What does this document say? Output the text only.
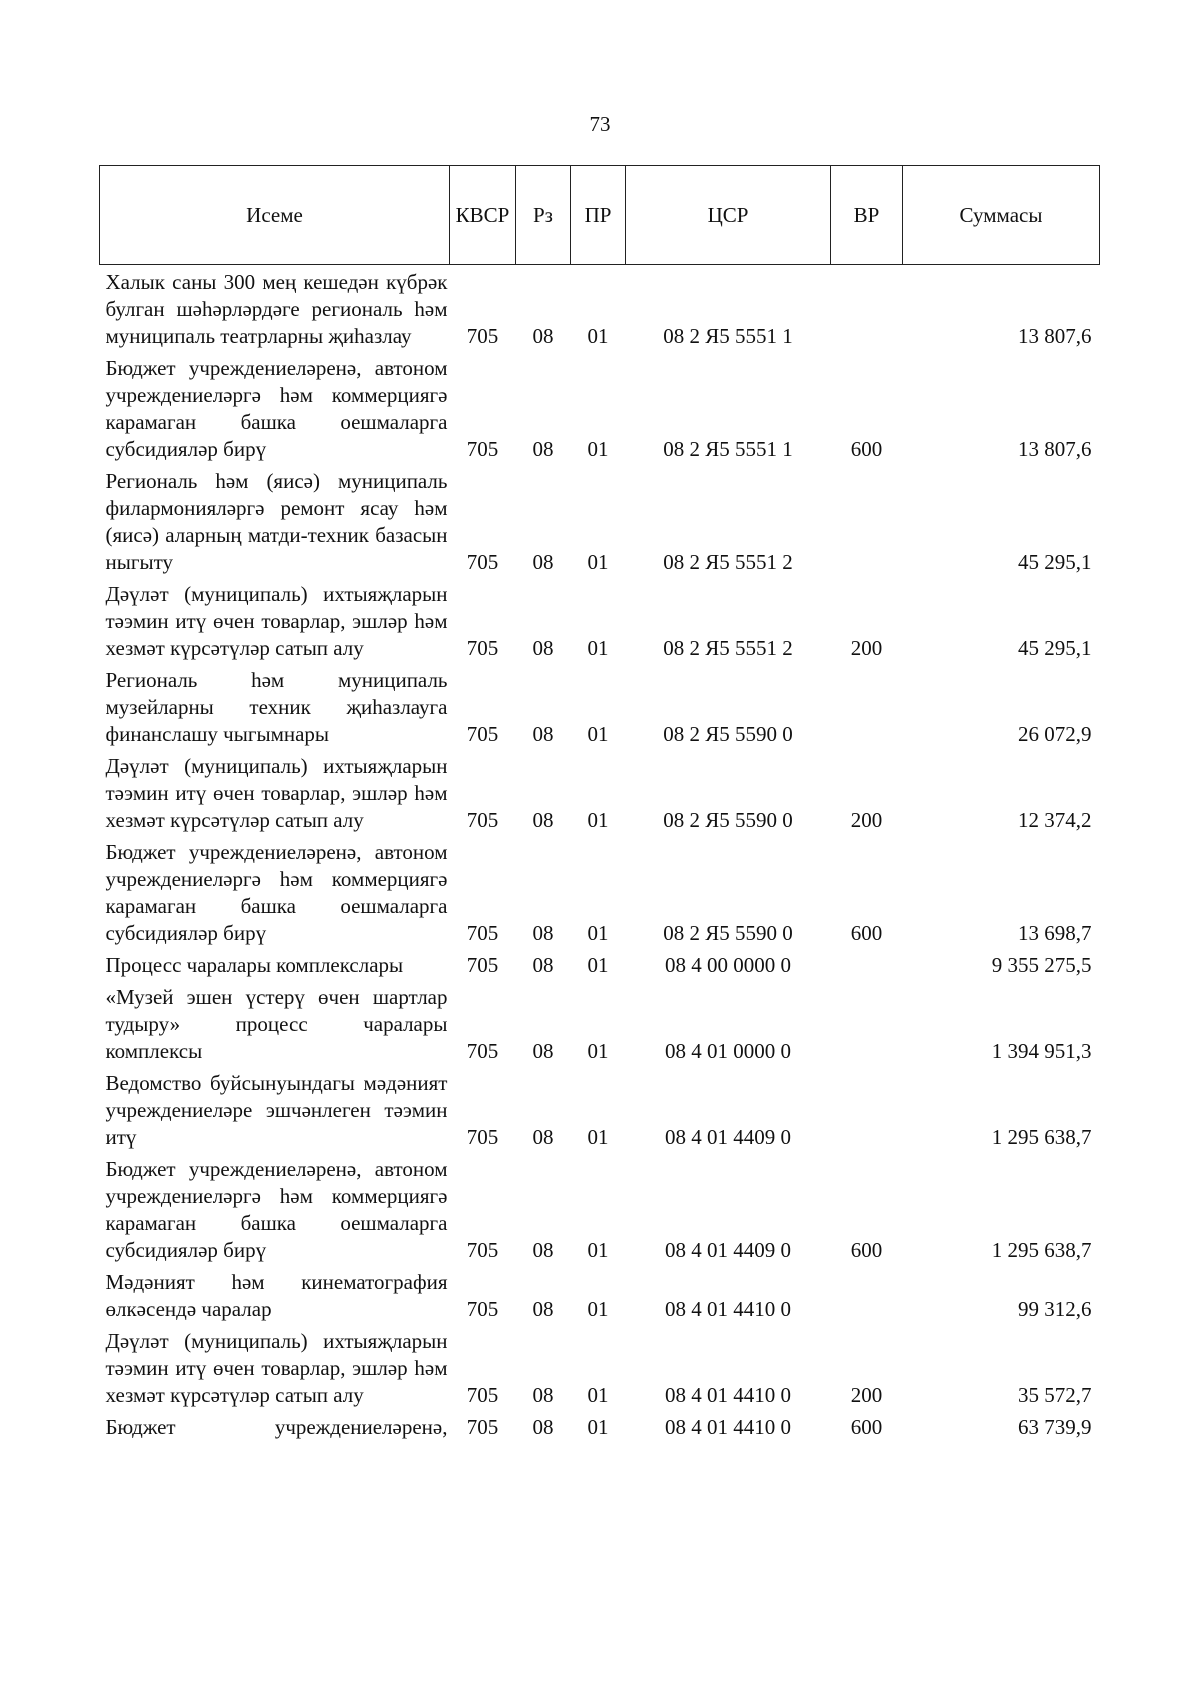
73
Исеме	КВСР	Рз	ПР	ЦСР	ВР	Суммасы
Халык саны 300 мең кешедән күбрәк булган шәһәрләрдәге региональ һәм муниципаль театрларны җиһазлау	705	08	01	08 2 Я5 5551 1		13 807,6
Бюджет учреждениеләренә, автоном учреждениеләргә һәм коммерциягә карамаган башка оешмаларга субсидияләр бирү	705	08	01	08 2 Я5 5551 1	600	13 807,6
Региональ һәм (яисә) муниципаль филармонияләргә ремонт ясау һәм (яисә) аларның матди-техник базасын ныгыту	705	08	01	08 2 Я5 5551 2		45 295,1
Дәүләт (муниципаль) ихтыяҗларын тәэмин итү өчен товарлар, эшләр һәм хезмәт күрсәтүләр сатып алу	705	08	01	08 2 Я5 5551 2	200	45 295,1
Региональ һәм муниципаль музейларны техник җиһазлауга финанслашу чыгымнары	705	08	01	08 2 Я5 5590 0		26 072,9
Дәүләт (муниципаль) ихтыяҗларын тәэмин итү өчен товарлар, эшләр һәм хезмәт күрсәтүләр сатып алу	705	08	01	08 2 Я5 5590 0	200	12 374,2
Бюджет учреждениеләренә, автоном учреждениеләргә һәм коммерциягә карамаган башка оешмаларга субсидияләр бирү	705	08	01	08 2 Я5 5590 0	600	13 698,7
Процесс чаралары комплекслары	705	08	01	08 4 00 0000 0		9 355 275,5
«Музей эшен үстерү өчен шартлар тудыру» процесс чаралары комплексы	705	08	01	08 4 01 0000 0		1 394 951,3
Ведомство буйсынуындагы мәдәният учреждениеләре эшчәнлеген тәэмин итү	705	08	01	08 4 01 4409 0		1 295 638,7
Бюджет учреждениеләренә, автоном учреждениеләргә һәм коммерциягә карамаган башка оешмаларга субсидияләр бирү	705	08	01	08 4 01 4409 0	600	1 295 638,7
Мәдәният һәм кинематография өлкәсендә чаралар	705	08	01	08 4 01 4410 0		99 312,6
Дәүләт (муниципаль) ихтыяҗларын тәэмин итү өчен товарлар, эшләр һәм хезмәт күрсәтүләр сатып алу	705	08	01	08 4 01 4410 0	200	35 572,7
Бюджет учреждениеләренә,	705	08	01	08 4 01 4410 0	600	63 739,9
